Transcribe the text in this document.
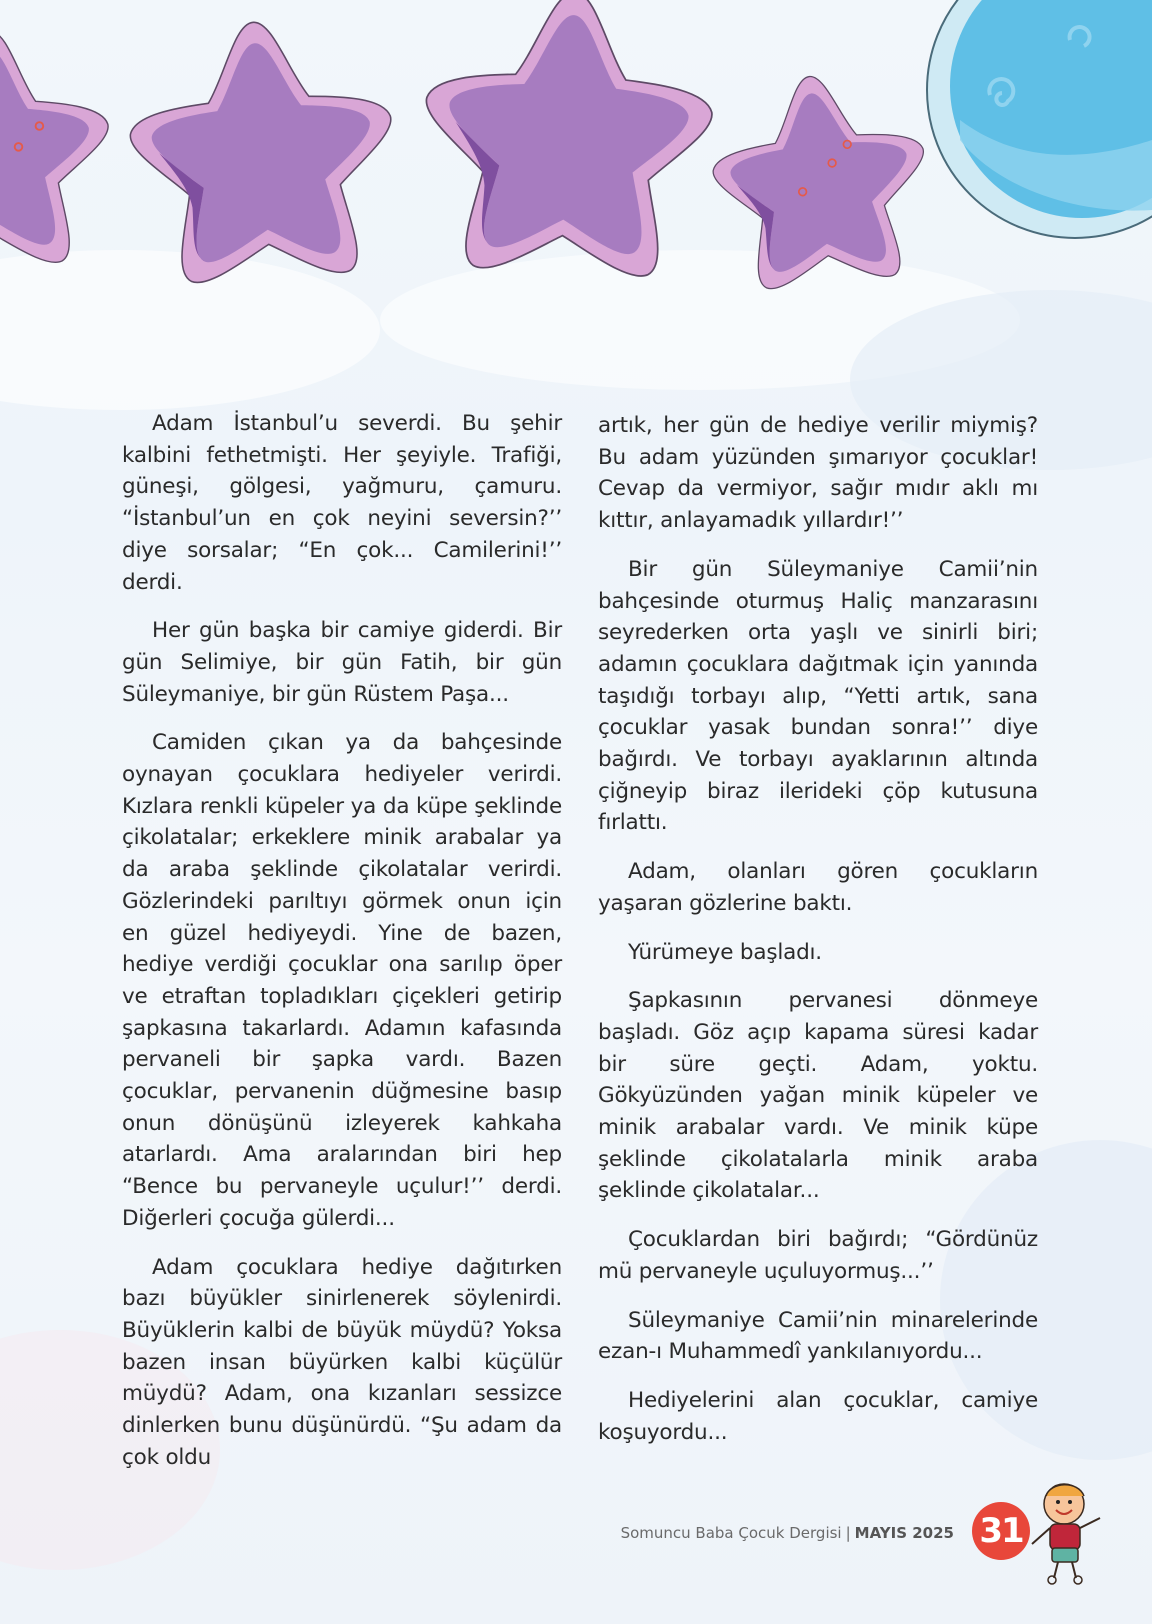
Adam İstanbul’u severdi. Bu şehir kalbini fethetmişti. Her şeyiyle. Trafiği, güneşi, gölgesi, yağmuru, çamuru. “İstanbul’un en çok neyini seversin?’’ diye sorsalar; “En çok... Camilerini!’’ derdi.

Her gün başka bir camiye giderdi. Bir gün Selimiye, bir gün Fatih, bir gün Süleymaniye, bir gün Rüstem Paşa...

Camiden çıkan ya da bahçesinde oynayan çocuklara hediyeler verirdi. Kızlara renkli küpeler ya da küpe şeklinde çikolatalar; erkeklere minik arabalar ya da araba şeklinde çikolatalar verirdi. Gözlerindeki parıltıyı görmek onun için en güzel hediyeydi. Yine de bazen, hediye verdiği çocuklar ona sarılıp öper ve etraftan topladıkları çiçekleri getirip şapkasına takarlardı. Adamın kafasında pervaneli bir şapka vardı. Bazen çocuklar, pervanenin düğmesine basıp onun dönüşünü izleyerek kahkaha atarlardı. Ama aralarından biri hep “Bence bu pervaneyle uçulur!’’ derdi. Diğerleri çocuğa gülerdi...

Adam çocuklara hediye dağıtırken bazı büyükler sinirlenerek söylenirdi. Büyüklerin kalbi de büyük müydü? Yoksa bazen insan büyürken kalbi küçülür müydü? Adam, ona kızanları sessizce dinlerken bunu düşünürdü. “Şu adam da çok oldu

artık, her gün de hediye verilir miymiş? Bu adam yüzünden şımarıyor çocuklar! Cevap da vermiyor, sağır mıdır aklı mı kıttır, anlayamadık yıllardır!’’

Bir gün Süleymaniye Camii’nin bahçesinde oturmuş Haliç manzarasını seyrederken orta yaşlı ve sinirli biri; adamın çocuklara dağıtmak için yanında taşıdığı torbayı alıp, “Yetti artık, sana çocuklar yasak bundan sonra!’’ diye bağırdı. Ve torbayı ayaklarının altında çiğneyip biraz ilerideki çöp kutusuna fırlattı.

Adam, olanları gören çocukların yaşaran gözlerine baktı.

Yürümeye başladı.

Şapkasının pervanesi dönmeye başladı. Göz açıp kapama süresi kadar bir süre geçti. Adam, yoktu. Gökyüzünden yağan minik küpeler ve minik arabalar vardı. Ve minik küpe şeklinde çikolatalarla minik araba şeklinde çikolatalar...

Çocuklardan biri bağırdı; “Gördünüz mü pervaneyle uçuluyormuş...’’

Süleymaniye Camii’nin minarelerinde ezan-ı Muhammedî yankılanıyordu...

Hediyelerini alan çocuklar, camiye koşuyordu...

Somuncu Baba Çocuk Dergisi | MAYIS 2025 31
